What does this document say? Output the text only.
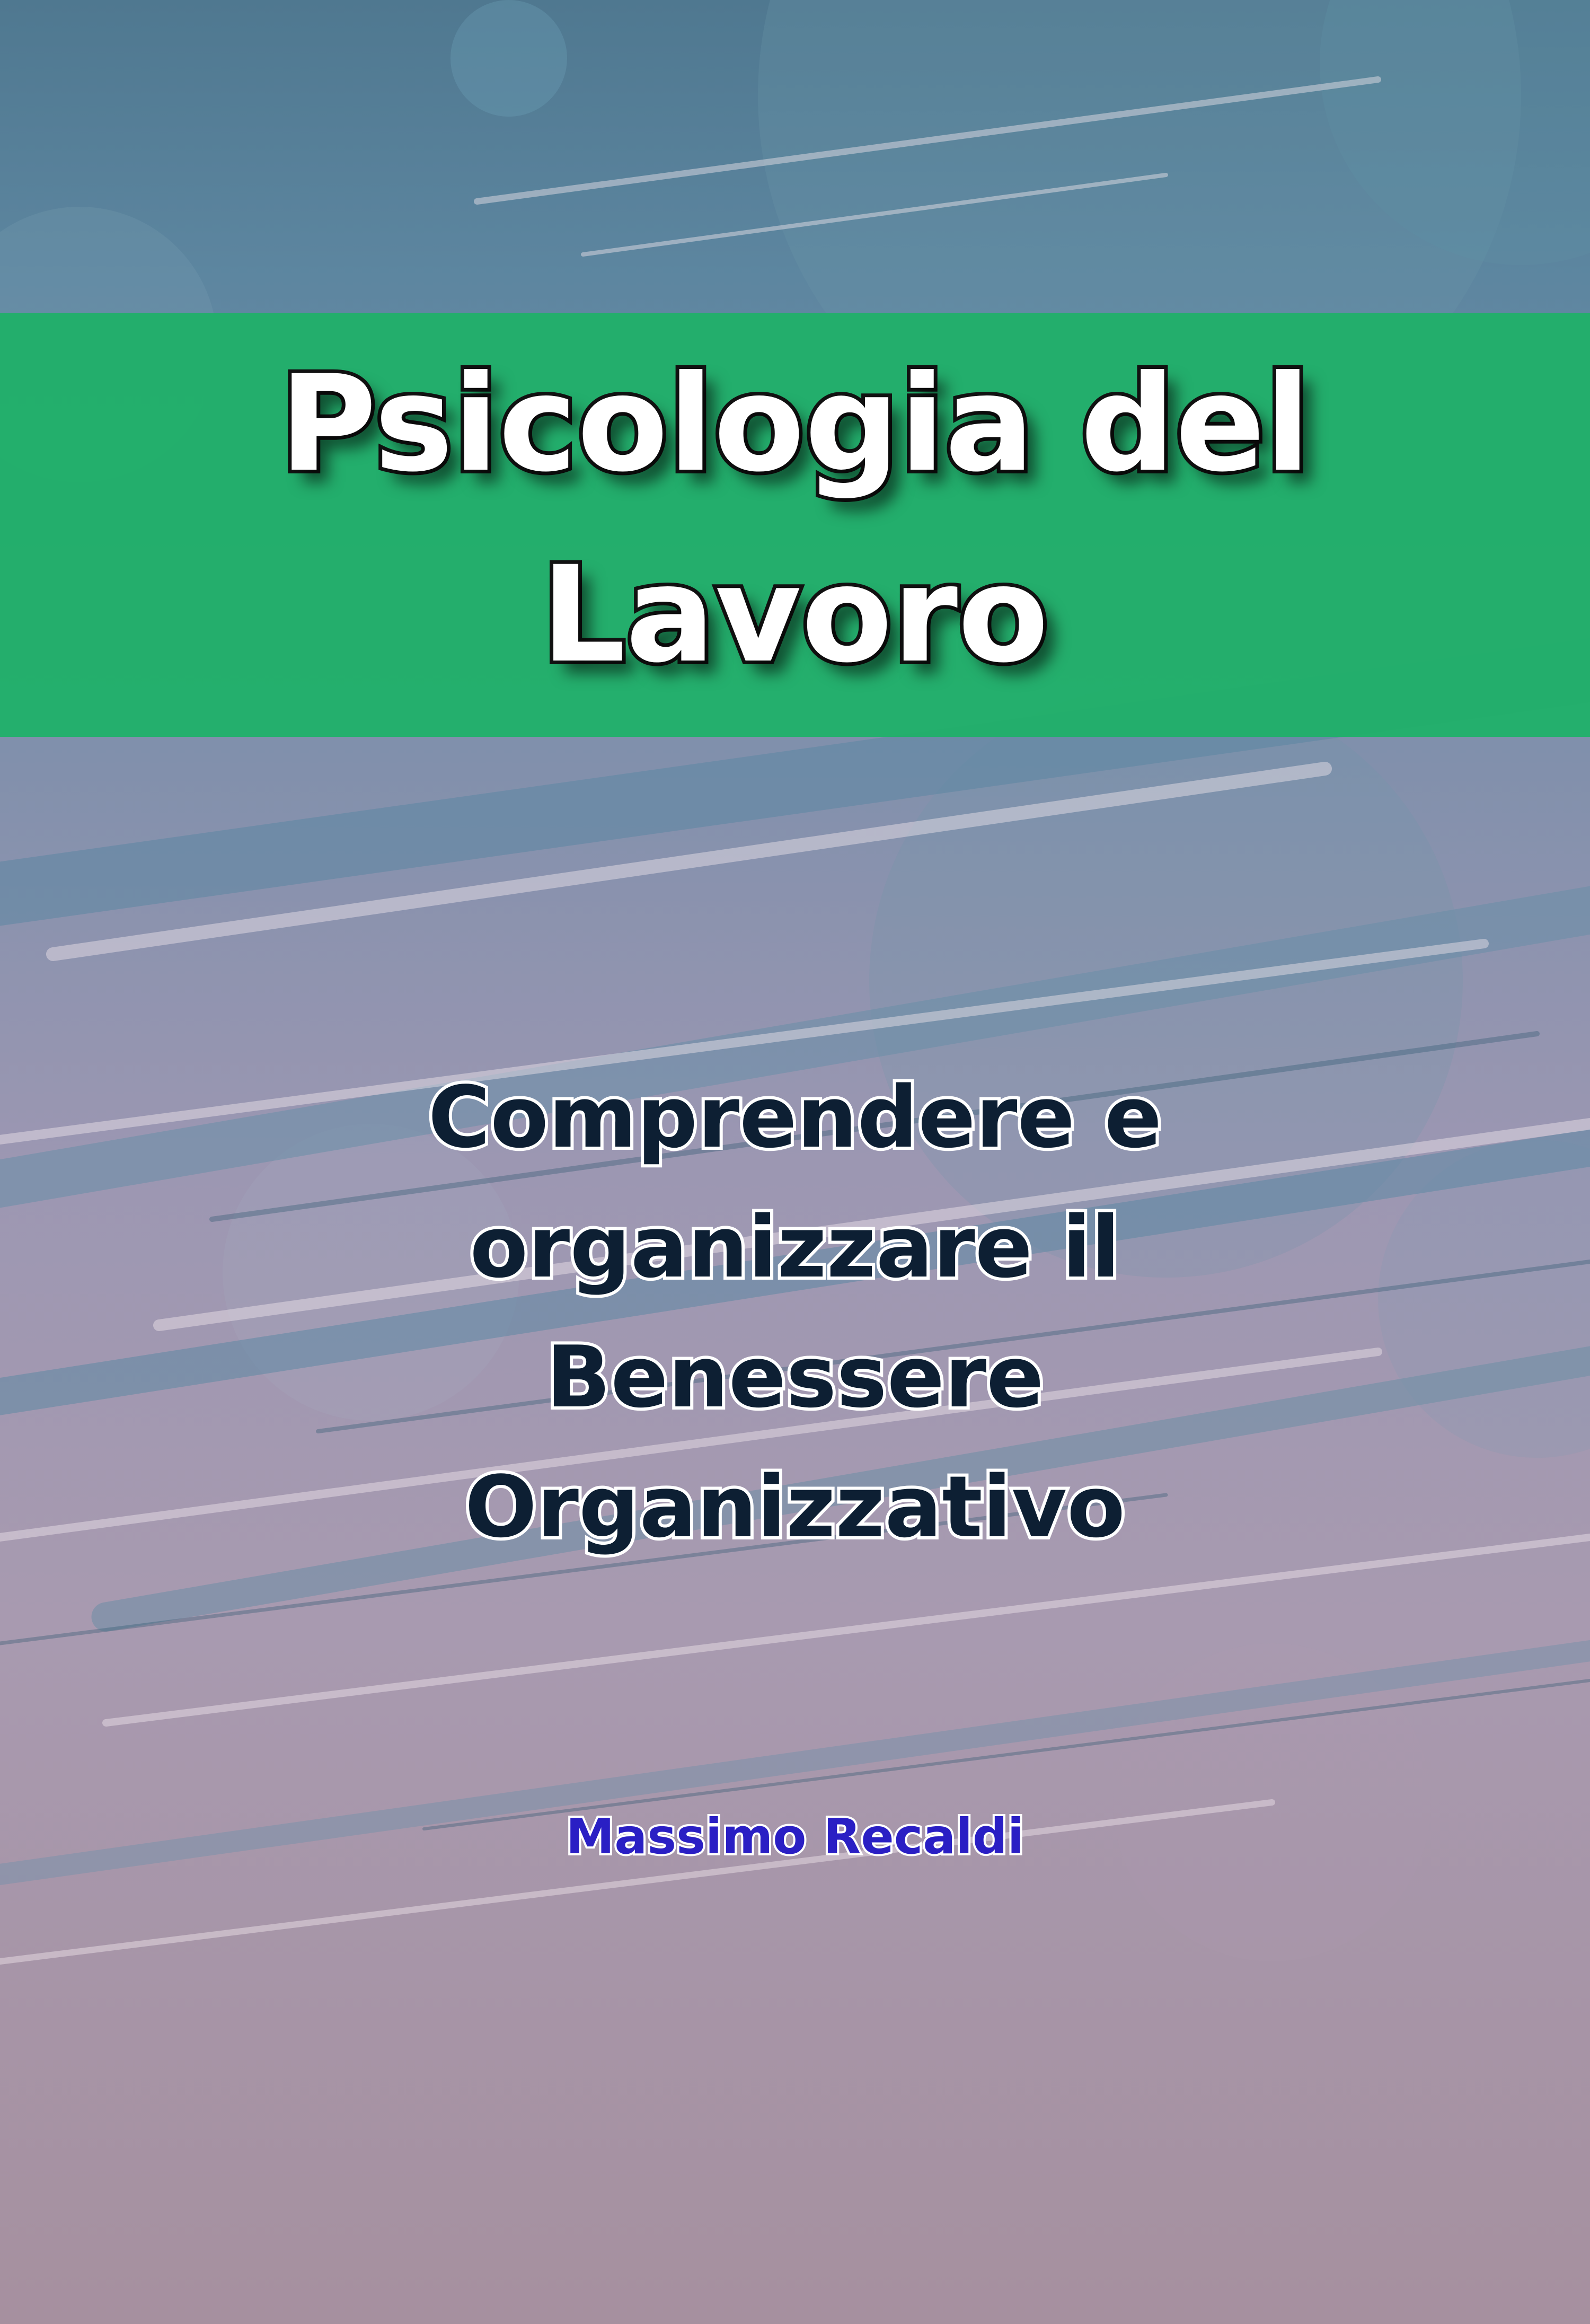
Psicologia del
Lavoro
Comprendere e
organizzare il
Benessere
Organizzativo

Massimo Recaldi
